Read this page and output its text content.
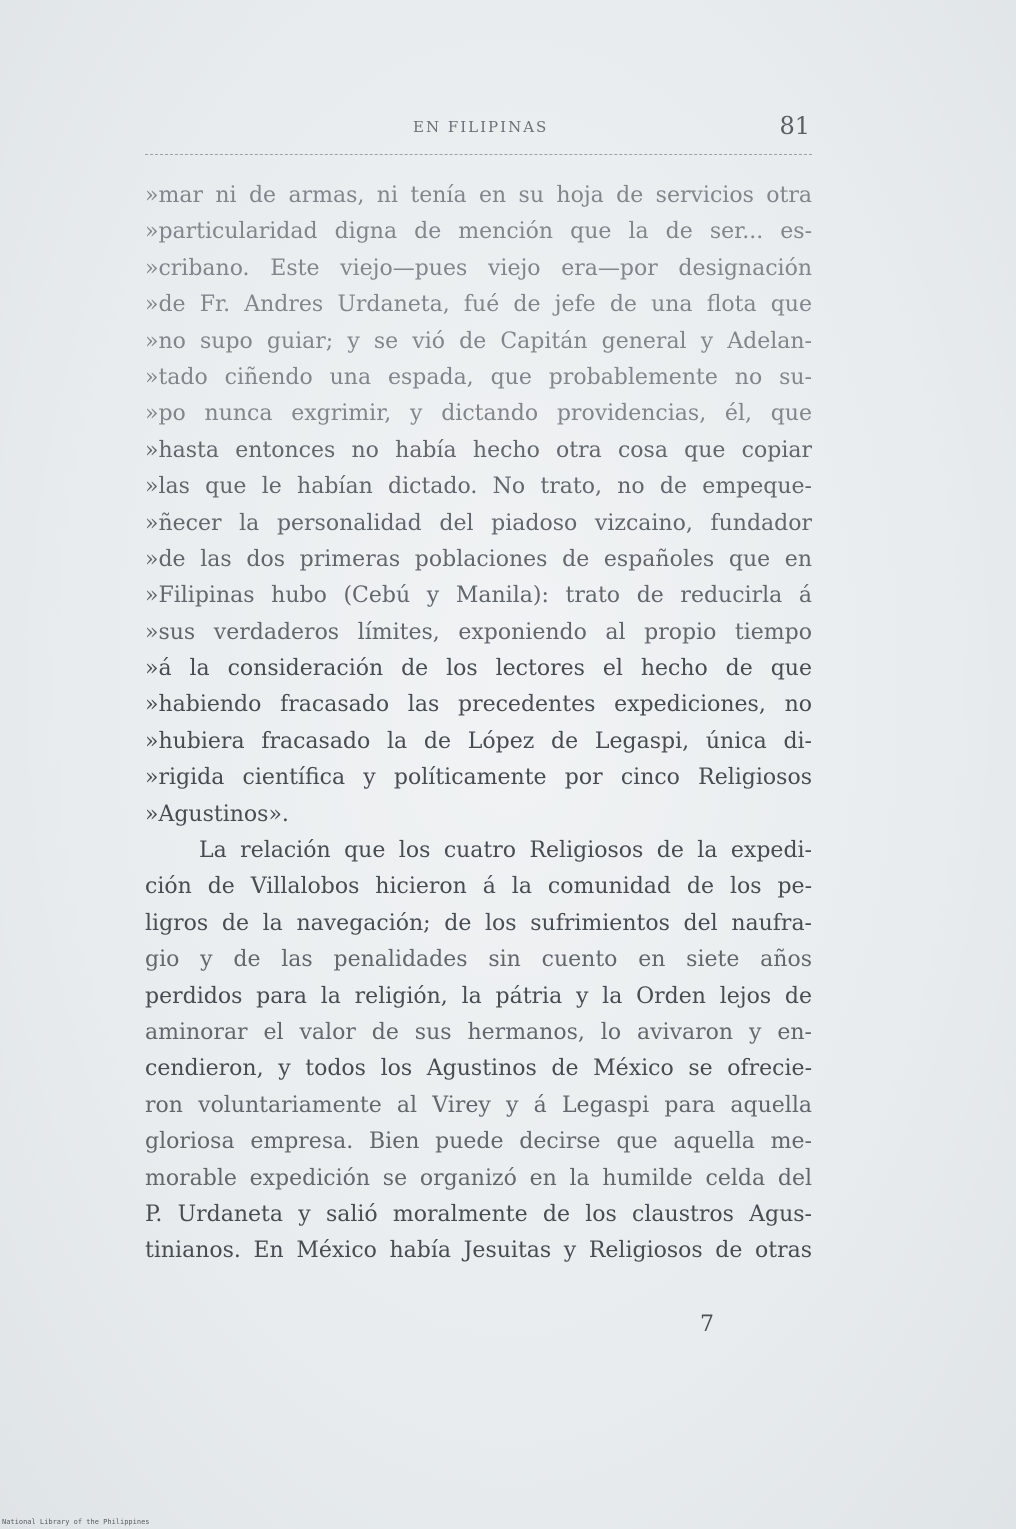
EN FILIPINAS	81
»mar ni de armas, ni tenía en su hoja de servicios otra
»particularidad digna de mención que la de ser... es-
»cribano. Este viejo—pues viejo era—por designación
»de Fr. Andres Urdaneta, fué de jefe de una flota que
»no supo guiar; y se vió de Capitán general y Adelan-
»tado ciñendo una espada, que probablemente no su-
»po nunca exgrimir, y dictando providencias, él, que
»hasta entonces no había hecho otra cosa que copiar
»las que le habían dictado. No trato, no de empeque-
»ñecer la personalidad del piadoso vizcaino, fundador
»de las dos primeras poblaciones de españoles que en
»Filipinas hubo (Cebú y Manila): trato de reducirla á
»sus verdaderos límites, exponiendo al propio tiempo
»á la consideración de los lectores el hecho de que
»habiendo fracasado las precedentes expediciones, no
»hubiera fracasado la de López de Legaspi, única di-
»rigida científica y políticamente por cinco Religiosos
»Agustinos».
La relación que los cuatro Religiosos de la expedi-
ción de Villalobos hicieron á la comunidad de los pe-
ligros de la navegación; de los sufrimientos del naufra-
gio y de las penalidades sin cuento en siete años
perdidos para la religión, la pátria y la Orden lejos de
aminorar el valor de sus hermanos, lo avivaron y en-
cendieron, y todos los Agustinos de México se ofrecie-
ron voluntariamente al Virey y á Legaspi para aquella
gloriosa empresa. Bien puede decirse que aquella me-
morable expedición se organizó en la humilde celda del
P. Urdaneta y salió moralmente de los claustros Agus-
tinianos. En México había Jesuitas y Religiosos de otras
7
National Library of the Philippines
